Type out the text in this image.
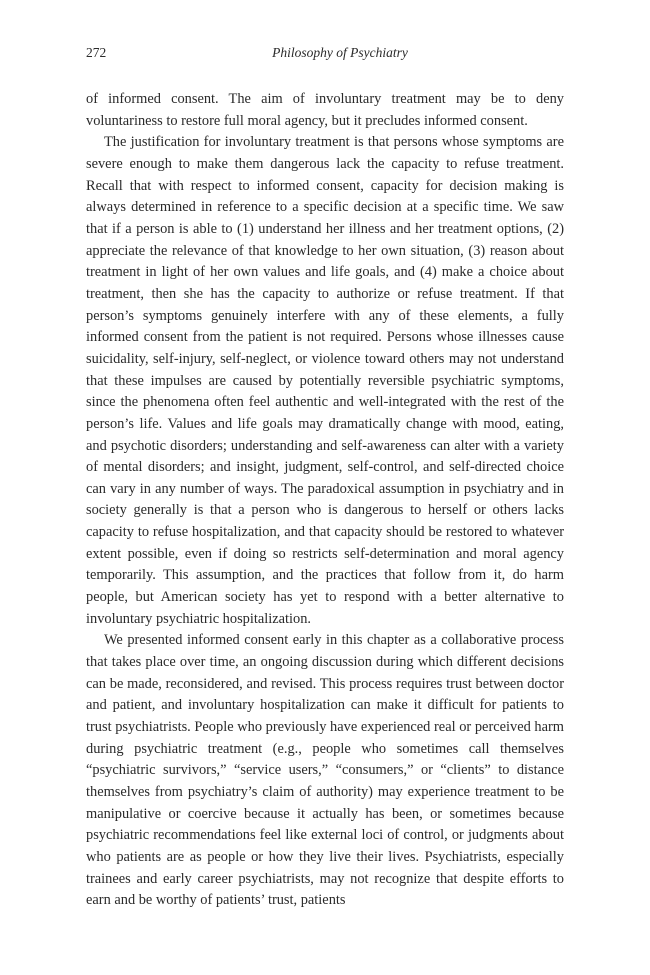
272	Philosophy of Psychiatry

of informed consent. The aim of involuntary treatment may be to deny voluntariness to restore full moral agency, but it precludes informed consent.

The justification for involuntary treatment is that persons whose symptoms are severe enough to make them dangerous lack the capacity to refuse treatment. Recall that with respect to informed consent, capacity for decision making is always determined in reference to a specific decision at a specific time. We saw that if a person is able to (1) understand her illness and her treatment options, (2) appreciate the relevance of that knowledge to her own situation, (3) reason about treatment in light of her own values and life goals, and (4) make a choice about treatment, then she has the capacity to authorize or refuse treatment. If that person’s symptoms genuinely interfere with any of these elements, a fully informed consent from the patient is not required. Persons whose illnesses cause suicidality, self-injury, self-neglect, or violence toward others may not understand that these impulses are caused by potentially reversible psychiatric symptoms, since the phenomena often feel authentic and well-integrated with the rest of the person’s life. Values and life goals may dramatically change with mood, eating, and psychotic disorders; understanding and self-awareness can alter with a variety of mental disorders; and insight, judgment, self-control, and self-directed choice can vary in any number of ways. The paradoxical assumption in psychiatry and in society generally is that a person who is dangerous to herself or others lacks capacity to refuse hospitalization, and that capacity should be restored to whatever extent possible, even if doing so restricts self-determination and moral agency temporarily. This assumption, and the practices that follow from it, do harm people, but American society has yet to respond with a better alternative to involuntary psychiatric hospitalization.

We presented informed consent early in this chapter as a collaborative process that takes place over time, an ongoing discussion during which different decisions can be made, reconsidered, and revised. This process requires trust between doctor and patient, and involuntary hospitalization can make it difficult for patients to trust psychiatrists. People who previously have experienced real or perceived harm during psychiatric treatment (e.g., people who sometimes call themselves “psychiatric survivors,” “service users,” “consumers,” or “clients” to distance themselves from psychiatry’s claim of authority) may experience treatment to be manipulative or coercive because it actually has been, or sometimes because psychiatric recommendations feel like external loci of control, or judgments about who patients are as people or how they live their lives. Psychiatrists, especially trainees and early career psychiatrists, may not recognize that despite efforts to earn and be worthy of patients’ trust, patients
